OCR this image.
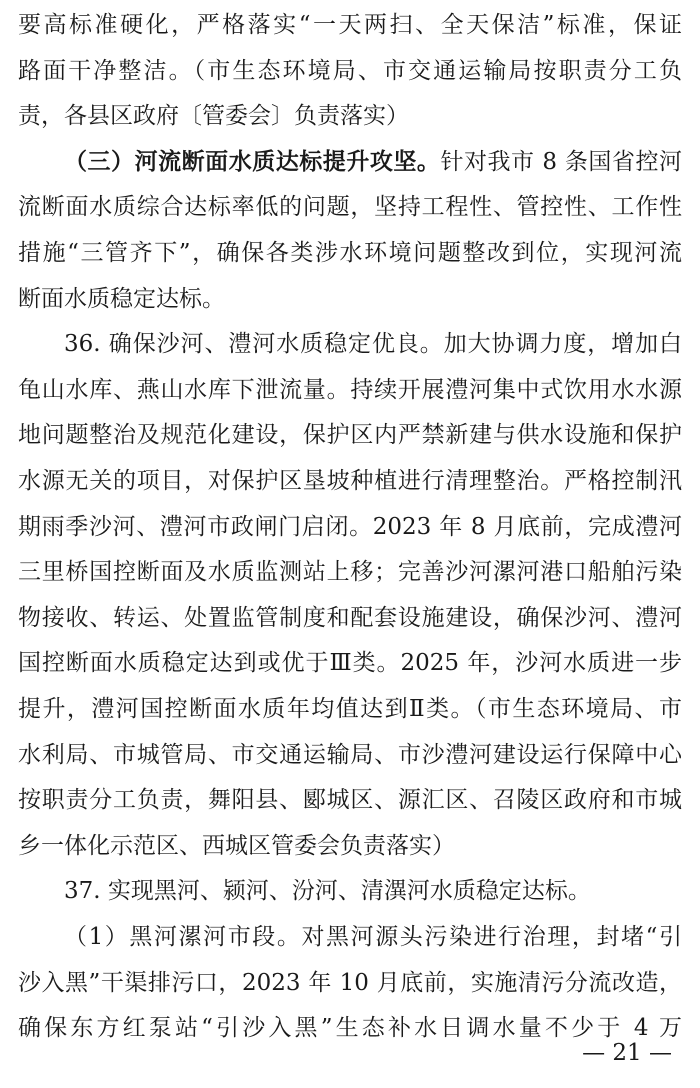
要高标准硬化，严格落实“一天两扫、全天保洁”标准，保证
路面干净整洁。（市生态环境局、市交通运输局按职责分工负
责，各县区政府〔管委会〕负责落实）
（三）河流断面水质达标提升攻坚。针对我市 8 条国省控河
流断面水质综合达标率低的问题，坚持工程性、管控性、工作性
措施“三管齐下”，确保各类涉水环境问题整改到位，实现河流
断面水质稳定达标。
36. 确保沙河、澧河水质稳定优良。加大协调力度，增加白
龟山水库、燕山水库下泄流量。持续开展澧河集中式饮用水水源
地问题整治及规范化建设，保护区内严禁新建与供水设施和保护
水源无关的项目，对保护区垦坡种植进行清理整治。严格控制汛
期雨季沙河、澧河市政闸门启闭。2023 年 8 月底前，完成澧河
三里桥国控断面及水质监测站上移；完善沙河漯河港口船舶污染
物接收、转运、处置监管制度和配套设施建设，确保沙河、澧河
国控断面水质稳定达到或优于Ⅲ类。2025 年，沙河水质进一步
提升，澧河国控断面水质年均值达到Ⅱ类。（市生态环境局、市
水利局、市城管局、市交通运输局、市沙澧河建设运行保障中心
按职责分工负责，舞阳县、郾城区、源汇区、召陵区政府和市城
乡一体化示范区、西城区管委会负责落实）
37. 实现黑河、颍河、汾河、清潩河水质稳定达标。
（1）黑河漯河市段。对黑河源头污染进行治理，封堵“引
沙入黑”干渠排污口，2023 年 10 月底前，实施清污分流改造，
确保东方红泵站“引沙入黑”生态补水日调水量不少于 4 万
— 21 —
